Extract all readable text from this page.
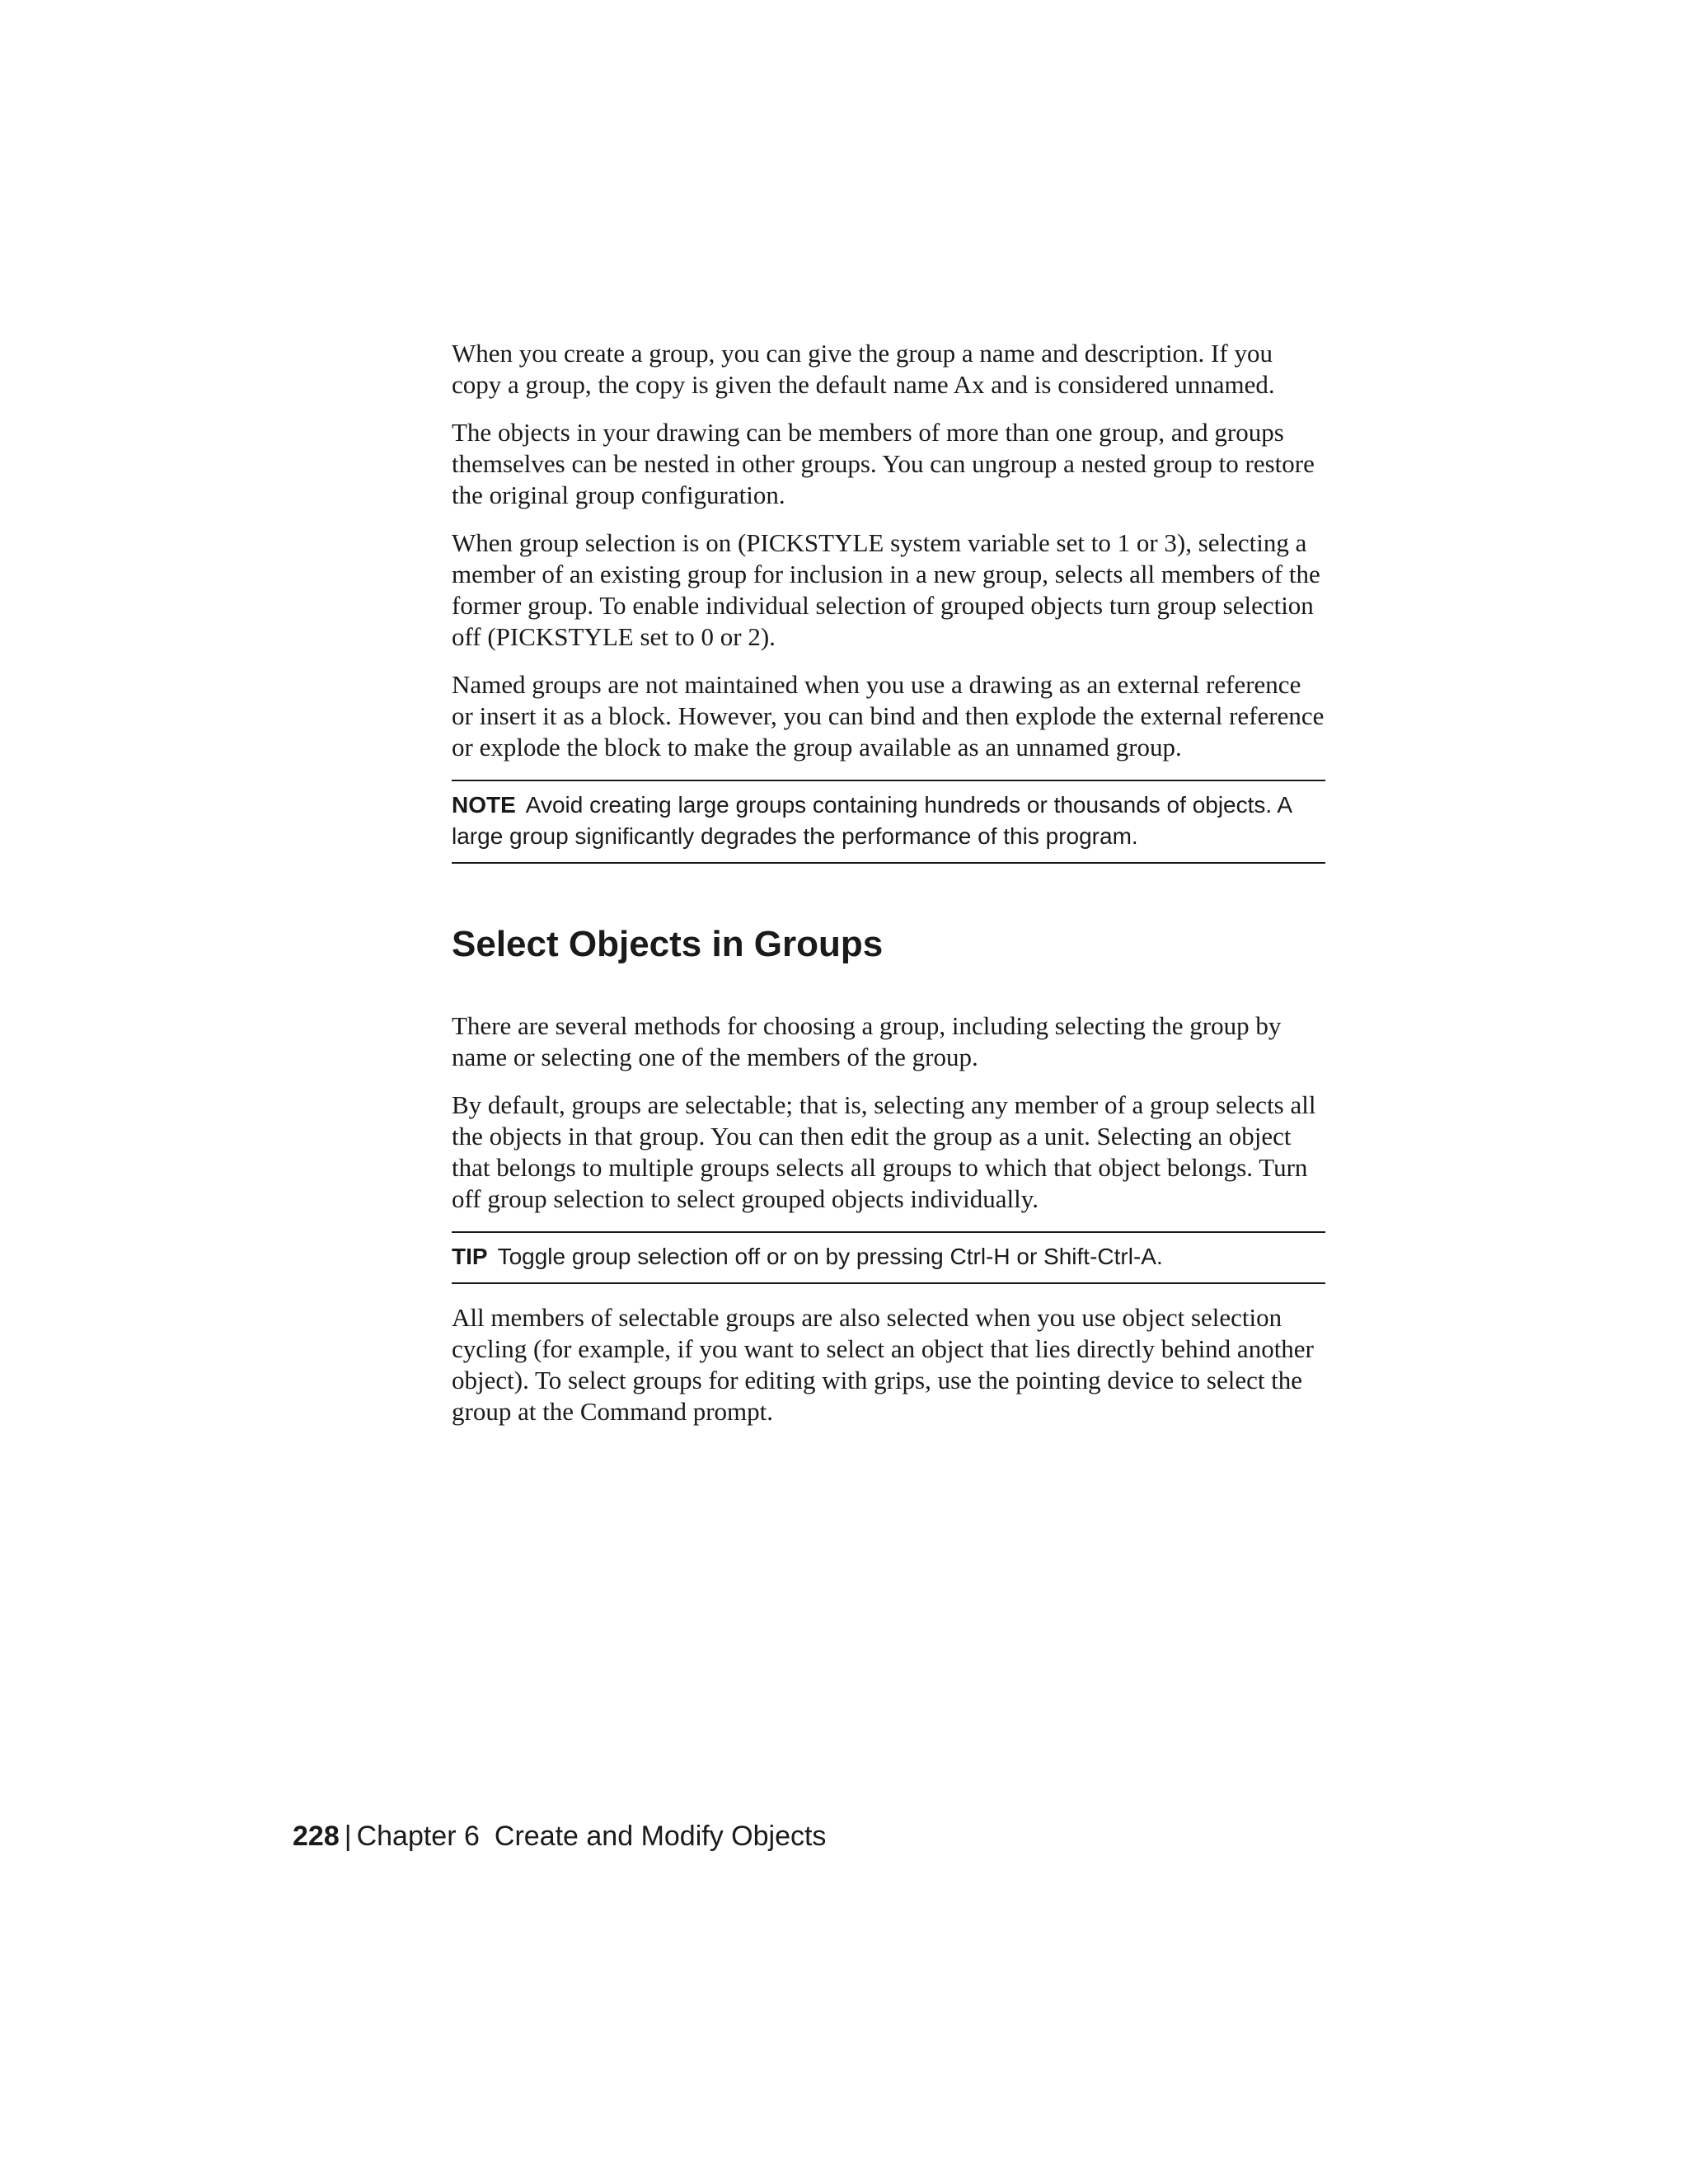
When you create a group, you can give the group a name and description. If you copy a group, the copy is given the default name Ax and is considered unnamed.

The objects in your drawing can be members of more than one group, and groups themselves can be nested in other groups. You can ungroup a nested group to restore the original group configuration.

When group selection is on (PICKSTYLE system variable set to 1 or 3), selecting a member of an existing group for inclusion in a new group, selects all members of the former group. To enable individual selection of grouped objects turn group selection off (PICKSTYLE set to 0 or 2).

Named groups are not maintained when you use a drawing as an external reference or insert it as a block. However, you can bind and then explode the external reference or explode the block to make the group available as an unnamed group.

NOTE Avoid creating large groups containing hundreds or thousands of objects. A large group significantly degrades the performance of this program.
Select Objects in Groups

There are several methods for choosing a group, including selecting the group by name or selecting one of the members of the group.

By default, groups are selectable; that is, selecting any member of a group selects all the objects in that group. You can then edit the group as a unit. Selecting an object that belongs to multiple groups selects all groups to which that object belongs. Turn off group selection to select grouped objects individually.

TIP Toggle group selection off or on by pressing Ctrl-H or Shift-Ctrl-A.

All members of selectable groups are also selected when you use object selection cycling (for example, if you want to select an object that lies directly behind another object). To select groups for editing with grips, use the pointing device to select the group at the Command prompt.

228 | Chapter 6 Create and Modify Objects
